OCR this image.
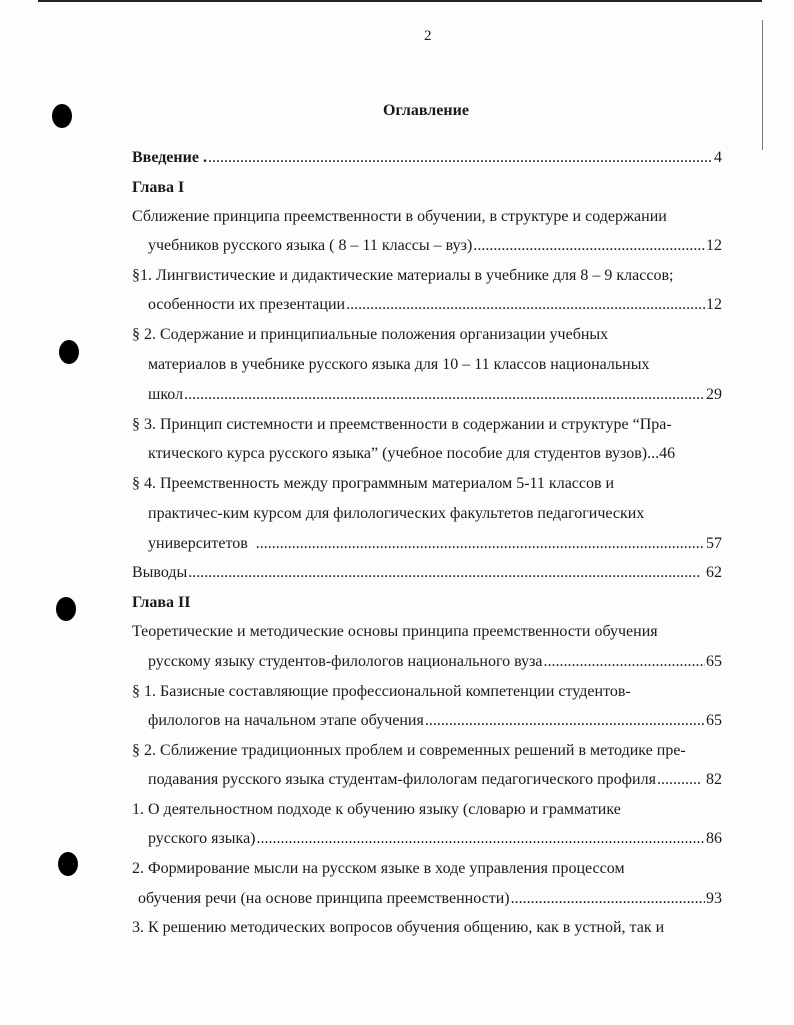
2
Оглавление
Введение . .....	4
Глава I
Сближение принципа преемственности в обучении, в структуре и содержании
учебников русского языка ( 8 – 11 классы – вуз) .....	12
§1. Лингвистические и дидактические материалы в учебнике для 8 – 9 классов;
особенности их презентации .....	12
§ 2. Содержание и принципиальные положения организации учебных
материалов в учебнике русского языка для 10 – 11 классов национальных
школ .....	29
§ 3. Принцип системности и преемственности в содержании и структуре “Пра-
ктического курса русского языка” (учебное пособие для студентов вузов)...46
§ 4. Преемственность между программным материалом 5-11 классов и
практичес-ким курсом для филологических факультетов педагогических
университетов .....	57
Выводы .....	62
Глава II
Теоретические и методические основы принципа преемственности обучения
русскому языку студентов-филологов национального вуза .....	65
§ 1. Базисные составляющие профессиональной компетенции студентов-
филологов на начальном этапе обучения .....	65
§ 2. Сближение традиционных проблем и современных решений в методике пре-
подавания русского языка студентам-филологам педагогического профиля .....	82
1. О деятельностном подходе к обучению языку (словарю и грамматике
русского языка) .....	86
2. Формирование мысли на русском языке в ходе управления процессом
обучения речи (на основе принципа преемственности) .....	93
3. К решению методических вопросов обучения общению, как в устной, так и
